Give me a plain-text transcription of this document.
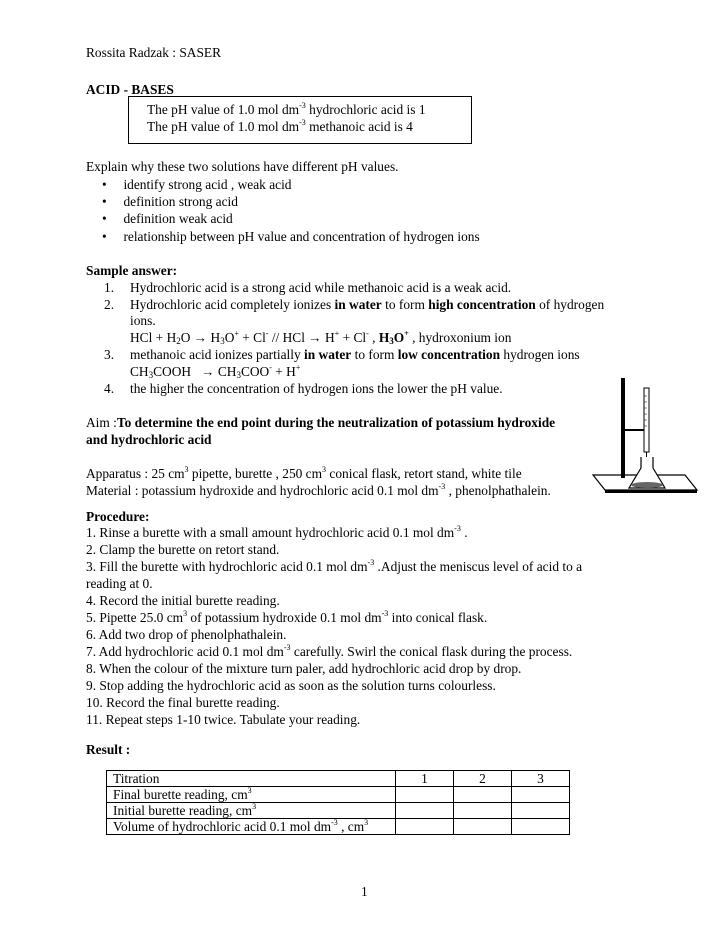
Rossita Radzak : SASER
ACID - BASES
The pH value of 1.0 mol $dm^{-3}$ hydrochloric acid is 1
The pH value of 1.0 mol $dm^{-3}$ methanoic acid is 4
Explain why these two solutions have different pH values.
•     identify strong acid , weak acid
•     definition strong acid
•     definition weak acid
•     relationship between pH value and concentration of hydrogen ions
Sample answer:
1. Hydrochloric acid is a strong acid while methanoic acid is a weak acid.
2. Hydrochloric acid completely ionizes in water to form high concentration of hydrogen
ions.
HCl + $H_2O \to H_3O^+ + Cl^-$ // HCl → H+ + Cl- , $H_3O^+$ , hydroxonium ion
3. methanoic acid ionizes partially in water to form low concentration hydrogen ions
$CH_3COOH \to CH_3COO^- + H^+$
4. the higher the concentration of hydrogen ions the lower the pH value.
Aim :To determine the end point during the neutralization of potassium hydroxide
and hydrochloric acid
Apparatus : 25 $cm^3$ pipette, burette , 250 $cm^3$ conical flask, retort stand, white tile
Material : potassium hydroxide and hydrochloric acid 0.1 mol $dm^{-3}$ , phenolphathalein.
Procedure:
1. Rinse a burette with a small amount hydrochloric acid 0.1 mol $dm^{-3}$ .
2. Clamp the burette on retort stand.
3. Fill the burette with hydrochloric acid 0.1 mol $dm^{-3}$ .Adjust the meniscus level of acid to a
reading at 0.
4. Record the initial burette reading.
5. Pipette 25.0 $cm^3$ of potassium hydroxide 0.1 mol $dm^{-3}$ into conical flask.
6. Add two drop of phenolphathalein.
7. Add hydrochloric acid 0.1 mol $dm^{-3}$ carefully. Swirl the conical flask during the process.
8. When the colour of the mixture turn paler, add hydrochloric acid drop by drop.
9. Stop adding the hydrochloric acid as soon as the solution turns colourless.
10. Record the final burette reading.
11. Repeat steps 1-10 twice. Tabulate your reading.
Result :
Titration	1	2	3
Final burette reading, $cm^3$			
Initial burette reading, $cm^3$			
Volume of hydrochloric acid 0.1 mol $dm^{-3}$ , $cm^3$			
1
